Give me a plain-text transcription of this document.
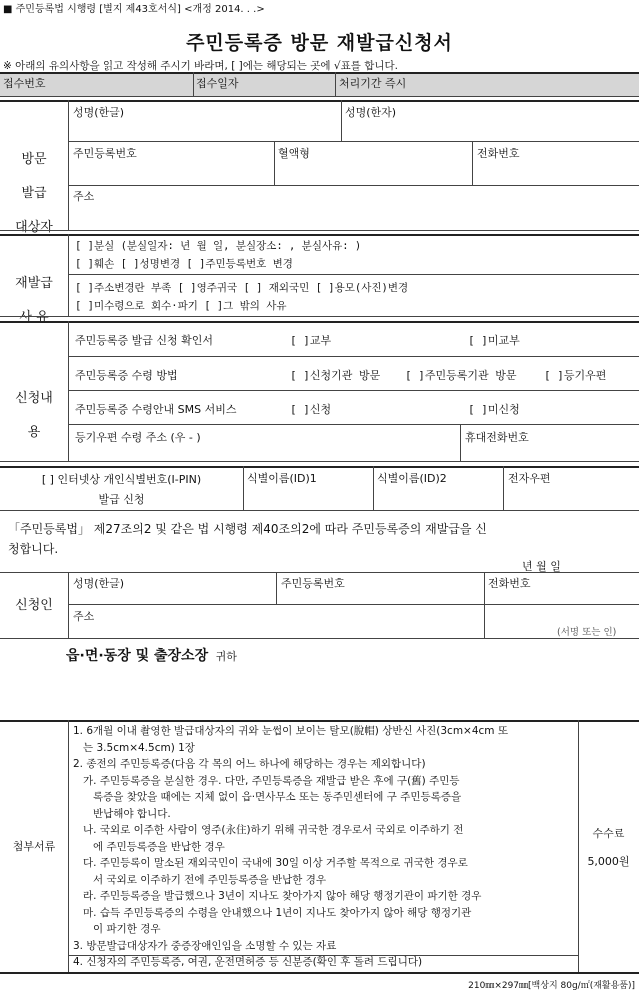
■ 주민등록법 시행령 [별지 제43호서식] <개정 2014. . .>
주민등록증 방문 재발급신청서
※ 아래의 유의사항을 읽고 작성해 주시기 바라며, [ ]에는 해당되는 곳에 √표를 합니다.
접수번호	접수일자	처리기간 즉시

방문

발급

대상자

성명(한글)	성명(한자)
주민등록번호	혈액형	전화번호
주소

재발급

사 유

[ ]분실 (분실일자: 년 월 일, 분실장소: , 분실사유: )
[ ]훼손 [ ]성명변경 [ ]주민등록번호 변경
[ ]주소변경란 부족 [ ]영주귀국 [ ] 재외국민 [ ]용모(사진)변경
[ ]미수령으로 회수·파기 [ ]그 밖의 사유

신청내

용

주민등록증 발급 신청 확인서	[ ]교부	[ ]미교부
주민등록증 수령 방법	[ ]신청기관 방문 [ ]주민등록기관 방문	[ ]등기우편
주민등록증 수령안내 SMS 서비스	[ ]신청	[ ]미신청
등기우편 수령 주소 (우 - )	휴대전화번호
[ ] 인터넷상 개인식별번호(I-PIN)
발급 신청
식별이름(ID)1	식별이름(ID)2	전자우편
「주민등록법」 제27조의2 및 같은 법 시행령 제40조의2에 따라 주민등록증의 재발급을 신
청합니다.
년 월 일
신청인
성명(한글)	주민등록번호	전화번호
주소
(서명 또는 인)
읍·면·동장 및 출장소장 귀하
첨부서류
1. 6개월 이내 촬영한 발급대상자의 귀와 눈썹이 보이는 탈모(脫帽) 상반신 사진(3cm×4cm 또
는 3.5cm×4.5cm) 1장
2. 종전의 주민등록증(다음 각 목의 어느 하나에 해당하는 경우는 제외합니다)
가. 주민등록증을 분실한 경우. 다만, 주민등록증을 재발급 받은 후에 구(舊) 주민등
록증을 찾았을 때에는 지체 없이 읍·면사무소 또는 동주민센터에 구 주민등록증을
반납해야 합니다.
나. 국외로 이주한 사람이 영주(永住)하기 위해 귀국한 경우로서 국외로 이주하기 전
에 주민등록증을 반납한 경우
다. 주민등록이 말소된 재외국민이 국내에 30일 이상 거주할 목적으로 귀국한 경우로
서 국외로 이주하기 전에 주민등록증을 반납한 경우
라. 주민등록증을 발급했으나 3년이 지나도 찾아가지 않아 해당 행정기관이 파기한 경우
마. 습득 주민등록증의 수령을 안내했으나 1년이 지나도 찾아가지 않아 해당 행정기관
이 파기한 경우
3. 방문발급대상자가 중증장애인임을 소명할 수 있는 자료
4. 신청자의 주민등록증, 여권, 운전면허증 등 신분증(확인 후 돌려 드립니다)
수수료
5,000원
210㎜×297㎜[백상지 80g/㎡(재활용품)]
